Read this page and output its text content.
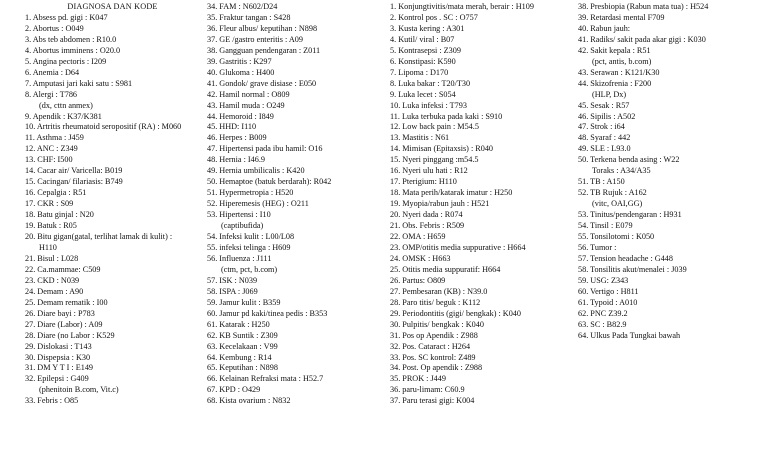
DIAGNOSA DAN KODE
1. Absess pd. gigi : K047
2. Abortus : O049
3. Abs teb abdomen : R10.0
4. Abortus imminens : O20.0
5. Angina pectoris : I209
6. Anemia : D64
7. Amputasi jari kaki satu : S981
8. Alergi : T786
(dx, cttn anmex)
9. Apendik : K37/K381
10. Artritis rheumatoid seropositif (RA) : M060
11. Asthma : J459
12. ANC : Z349
13. CHF: I500
14. Cacar air/ Varicella: B019
15. Cacingan/ filariasis: B749
16. Cepalgia : R51
17. CKR : S09
18. Batu ginjal : N20
19. Batuk : R05
20. Bitu gigan(gatal, terlihat lamak di kulit) :
H110
21. Bisul : L028
22. Ca.mammae: C509
23. CKD : N039
24. Demam : A90
25. Demam rematik : I00
26. Diare bayi : P783
27. Diare (Labor) : A09
28. Diare (no Labor : K529
29. Dislokasi : T143
30. Dispepsia : K30
31. DM Y T I : E149
32. Epilepsi : G409
(phenitoin B.com, Vit.c)
33. Febris : O85
34. FAM : N602/D24
35. Fraktur tangan : S428
36. Fleur albus/ keputihan : N898
37. GE /gastro enteritis : A09
38. Gangguan pendengaran : Z011
39. Gastritis : K297
40. Glukoma : H400
41. Gondok/ grave disiase : E050
42. Hamil normal : O809
43. Hamil muda : O249
44. Hemoroid : I849
45. HHD: I110
46. Herpes : B009
47. Hipertensi pada ibu hamil: O16
48. Hernia : I46.9
49. Hernia umbilicalis : K420
50. Hemaptoe (batuk berdarah): R042
51. Hypermetropia : H520
52. Hiperemesis (HEG) : O211
53. Hipertensi : I10
(captibufida)
54. Infeksi kulit : L00/L08
55. infeksi telinga : H609
56. Influenza : J111
(ctm, pct, b.com)
57. ISK : N039
58. ISPA : J069
59. Jamur kulit : B359
60. Jamur pd kaki/tinea pedis : B353
61. Katarak : H250
62. KB Suntik : Z309
63. Kecelakaan : V99
64. Kembung : R14
65. Keputihan : N898
66. Kelainan Refraksi mata : H52.7
67. KPD : O429
68. Kista ovarium : N832
1. Konjungtivitis/mata merah, berair : H109
2. Kontrol pos . SC : O757
3. Kusta kering : A301
4. Kutil/ viral : B07
5. Kontrasepsi : Z309
6. Konstipasi: K590
7. Lipoma : D170
8. Luka bakar : T20/T30
9. Luka lecet : S054
10. Luka infeksi : T793
11. Luka terbuka pada kaki : S910
12. Low back pain : M54.5
13. Mastitis : N61
14. Mimisan (Epitaxsis) : R040
15. Nyeri pinggang :m54.5
16. Nyeri ulu hati : R12
17. Pterigium: H110
18. Mata perih/katarak imatur : H250
19. Myopia/rabun jauh : H521
20. Nyeri dada : R074
21. Obs. Febris : R509
22. OMA : H659
23. OMP/otitis media suppurative : H664
24. OMSK : H663
25. Otitis media suppuratif: H664
26. Partus: O809
27. Pembesaran (KB) : N39.0
28. Paro titis/ beguk : K112
29. Periodontitis (gigi/ bengkak) : K040
30. Pulpitis/ bengkak : K040
31. Pos op Apendik : Z988
32. Pos. Cataract : H264
33. Pos. SC kontrol: Z489
34. Post. Op apendik : Z988
35. PROK : J449
36. paru-limam: C60.9
37. Paru terasi gigi: K004
38. Presbiopia (Rabun mata tua) : H524
39. Retardasi mental F709
40. Rabun jauh:
41. Radiks/ sakit pada akar gigi : K030
42. Sakit kepala : R51
(pct, antis, b.com)
43. Serawan : K121/K30
44. Skizofrenia : F200
(HLP, Dx)
45. Sesak : R57
46. Sipilis : A502
47. Strok : i64
48. Syaraf : 442
49. SLE : L93.0
50. Terkena benda asing : W22
Toraks : A34/A35
51. TB : A150
52. TB Rujuk : A162
(vitc, OAI,GG)
53. Tinitus/pendengaran : H931
54. Tinsil : E079
55. Tonsilotomi : K050
56. Tumor :
57. Tension headache : G448
58. Tonsilitis akut/menalei : J039
59. USG: Z343
60. Vertigo : H811
61. Typoid : A010
62. PNC Z39.2
63. SC : B82.9
64. Ulkus Pada Tungkai bawah
